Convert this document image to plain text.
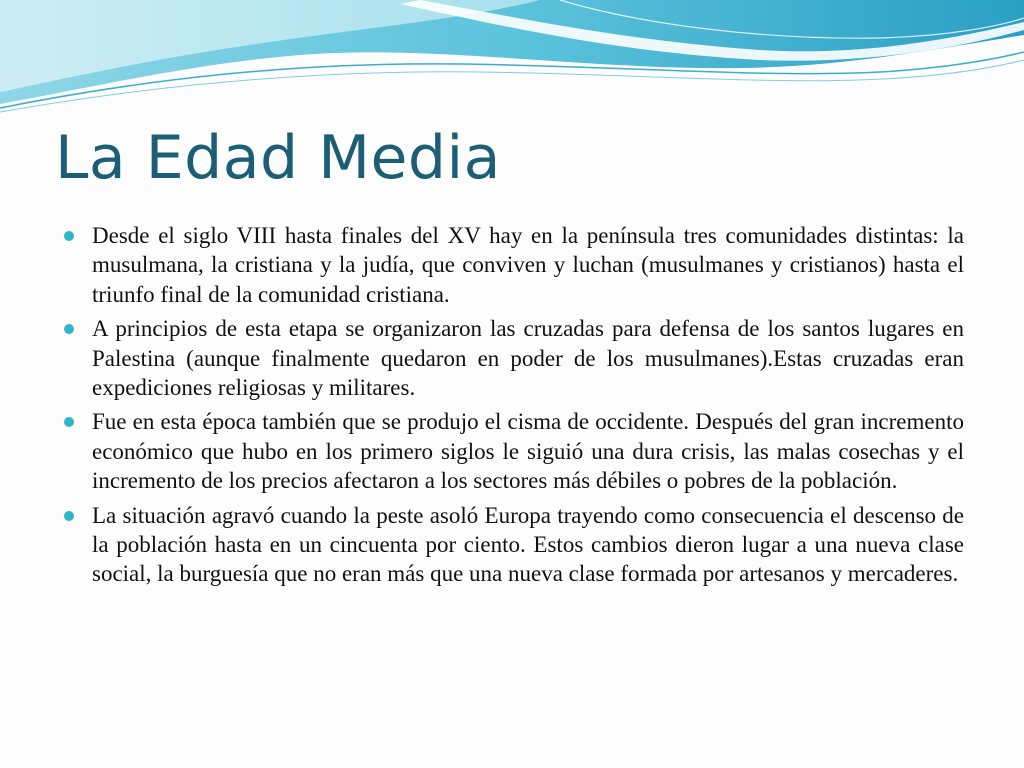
La Edad Media
Desde el siglo VIII hasta finales del XV hay en la península tres comunidades distintas: la musulmana, la cristiana y la judía, que conviven y luchan (musulmanes y cristianos) hasta el triunfo final de la comunidad cristiana.
A principios de esta etapa se organizaron las cruzadas para defensa de los santos lugares en Palestina (aunque finalmente quedaron en poder de los musulmanes).Estas cruzadas eran expediciones religiosas y militares.
Fue en esta época también que se produjo el cisma de occidente. Después del gran incremento económico que hubo en los primero siglos le siguió una dura crisis, las malas cosechas y el incremento de los precios afectaron a los sectores más débiles o pobres de la población.
La situación agravó cuando la peste asoló Europa trayendo como consecuencia el descenso de la población hasta en un cincuenta por ciento. Estos cambios dieron lugar a una nueva clase social, la burguesía que no eran más que una nueva clase formada por artesanos y mercaderes.
